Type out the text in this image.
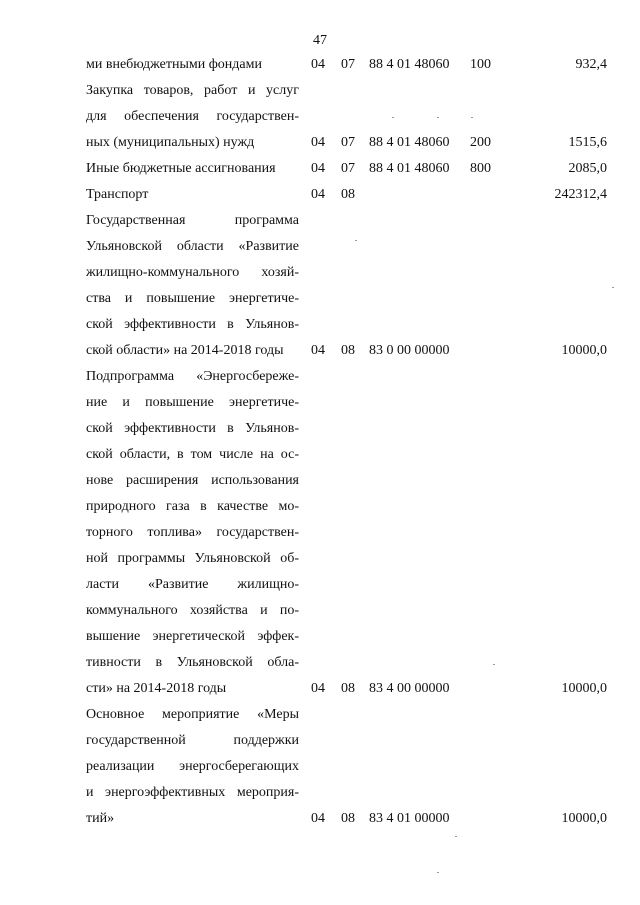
47
ми внебюджетными фондами	04 07 88 4 01 48060 100	932,4
Закупка товаров, работ и услуг
для обеспечения государствен-
ных (муниципальных) нужд	04 07 88 4 01 48060 200	1515,6
Иные бюджетные ассигнования	04 07 88 4 01 48060 800	2085,0
Транспорт	04 08	242312,4
Государственная программа
Ульяновской области «Развитие
жилищно-коммунального хозяй-
ства и повышение энергетиче-
ской эффективности в Ульянов-
ской области» на 2014-2018 годы	04 08 83 0 00 00000	10000,0
Подпрограмма «Энергосбереже-
ние и повышение энергетиче-
ской эффективности в Ульянов-
ской области, в том числе на ос-
нове расширения использования
природного газа в качестве мо-
торного топлива» государствен-
ной программы Ульяновской об-
ласти «Развитие жилищно-
коммунального хозяйства и по-
вышение энергетической эффек-
тивности в Ульяновской обла-
сти» на 2014-2018 годы	04 08 83 4 00 00000	10000,0
Основное мероприятие «Меры
государственной поддержки
реализации энергосберегающих
и энергоэффективных мероприя-
тий»	04 08 83 4 01 00000	10000,0
